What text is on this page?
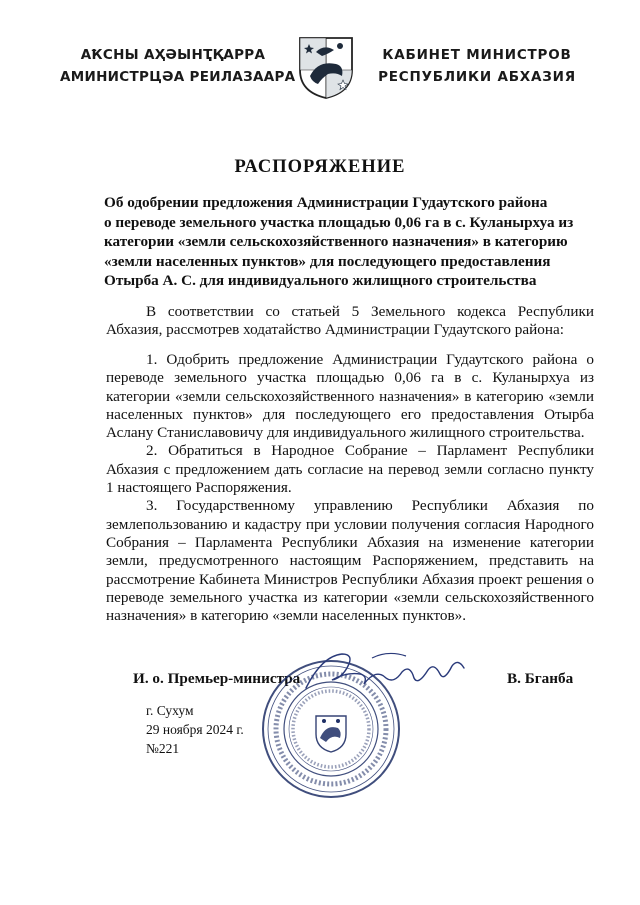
АҞСНЫ АҲӘЫНҬҚАРРА
АМИНИСТРЦӘА РЕИЛАЗААРА
КАБИНЕТ МИНИСТРОВ
РЕСПУБЛИКИ АБХАЗИЯ
РАСПОРЯЖЕНИЕ
Об одобрении предложения Администрации Гудаутского района
о переводе земельного участка площадью 0,06 га в с. Куланырхуа из
категории «земли сельскохозяйственного назначения» в категорию
«земли населенных пунктов» для последующего предоставления
Отырба А. С. для индивидуального жилищного строительства

В соответствии со статьей 5 Земельного кодекса Республики Абхазия, рассмотрев ходатайство Администрации Гудаутского района:

1. Одобрить предложение Администрации Гудаутского района о переводе земельного участка площадью 0,06 га в с. Куланырхуа из категории «земли сельскохозяйственного назначения» в категорию «земли населенных пунктов» для последующего его предоставления Отырба Аслану Станиславовичу для индивидуального жилищного строительства.

2. Обратиться в Народное Собрание – Парламент Республики Абхазия с предложением дать согласие на перевод земли согласно пункту 1 настоящего Распоряжения.

3. Государственному управлению Республики Абхазия по землепользованию и кадастру при условии получения согласия Народного Собрания – Парламента Республики Абхазия на изменение категории земли, предусмотренного настоящим Распоряжением, представить на рассмотрение Кабинета Министров Республики Абхазия проект решения о переводе земельного участка из категории «земли сельскохозяйственного назначения» в категорию «земли населенных пунктов».

И. о. Премьер-министра	В. Бганба
г. Сухум
29 ноября 2024 г.
№221
